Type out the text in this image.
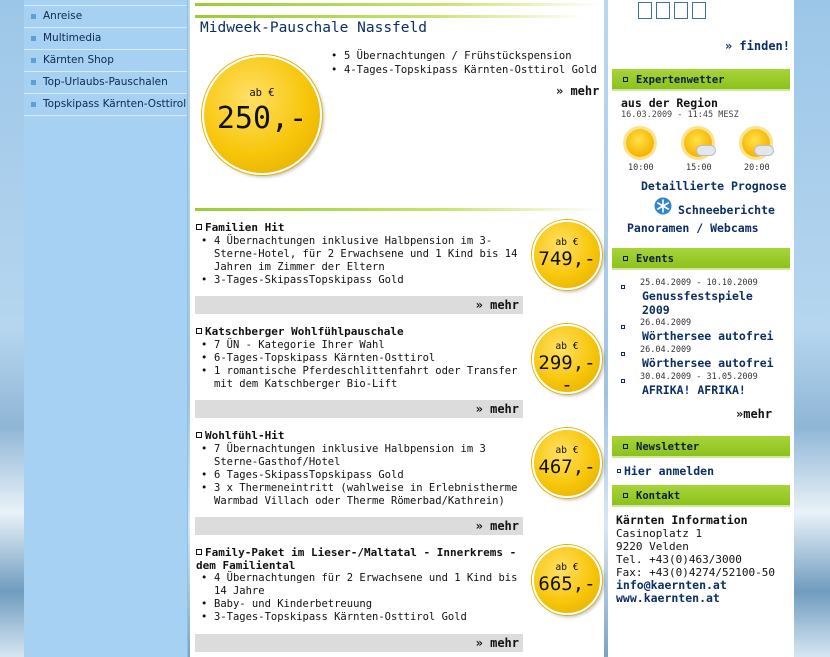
Anreise
Multimedia
Kärnten Shop
Top-Urlaubs-Pauschalen
Topskipass Kärnten-Osttirol
Midweek-Pauschale Nassfeld
• 5 Übernachtungen / Frühstückspension
• 4-Tages-Topskipass Kärnten-Osttirol Gold
» mehr
ab €
250,-
Familien Hit
• 4 Übernachtungen inklusive Halbpension im 3-Sterne-Hotel, für 2 Erwachsene und 1 Kind bis 14 Jahren im Zimmer der Eltern
• 3-Tages-SkipassTopskipass Gold
ab €
749,-
» mehr
Katschberger Wohlfühlpauschale
• 7 ÜN - Kategorie Ihrer Wahl
• 6-Tages-Topskipass Kärnten-Osttirol
• 1 romantische Pferdeschlittenfahrt oder Transfer mit dem Katschberger Bio-Lift
ab €
299,--
» mehr
Wohlfühl-Hit
• 7 Übernachtungen inklusive Halbpension im 3 Sterne-Gasthof/Hotel
• 6 Tages-SkipassTopskipass Gold
• 3 x Thermeneintritt (wahlweise in Erlebnistherme Warmbad Villach oder Therme Römerbad/Kathrein)
ab €
467,-
» mehr
Family-Paket im Lieser-/Maltatal - Innerkrems - dem Familiental
• 4 Übernachtungen für 2 Erwachsene und 1 Kind bis 14 Jahre
• Baby- und Kinderbetreuung
• 3-Tages-Topskipass Kärnten-Osttirol Gold
ab €
665,-
» mehr
» finden!
Expertenwetter
aus der Region
16.03.2009 - 11:45 MESZ
10:00	15:00	20:00
Detaillierte Prognose
Schneeberichte
Panoramen / Webcams
Events
25.04.2009 - 10.10.2009
Genussfestspiele 2009
26.04.2009
Wörthersee autofrei
26.04.2009
Wörthersee autofrei
30.04.2009 - 31.05.2009
AFRIKA! AFRIKA!
»mehr
Newsletter
Hier anmelden
Kontakt
Kärnten Information
Casinoplatz 1
9220 Velden
Tel. +43(0)463/3000
Fax: +43(0)4274/52100-50
info@kaernten.at
www.kaernten.at
